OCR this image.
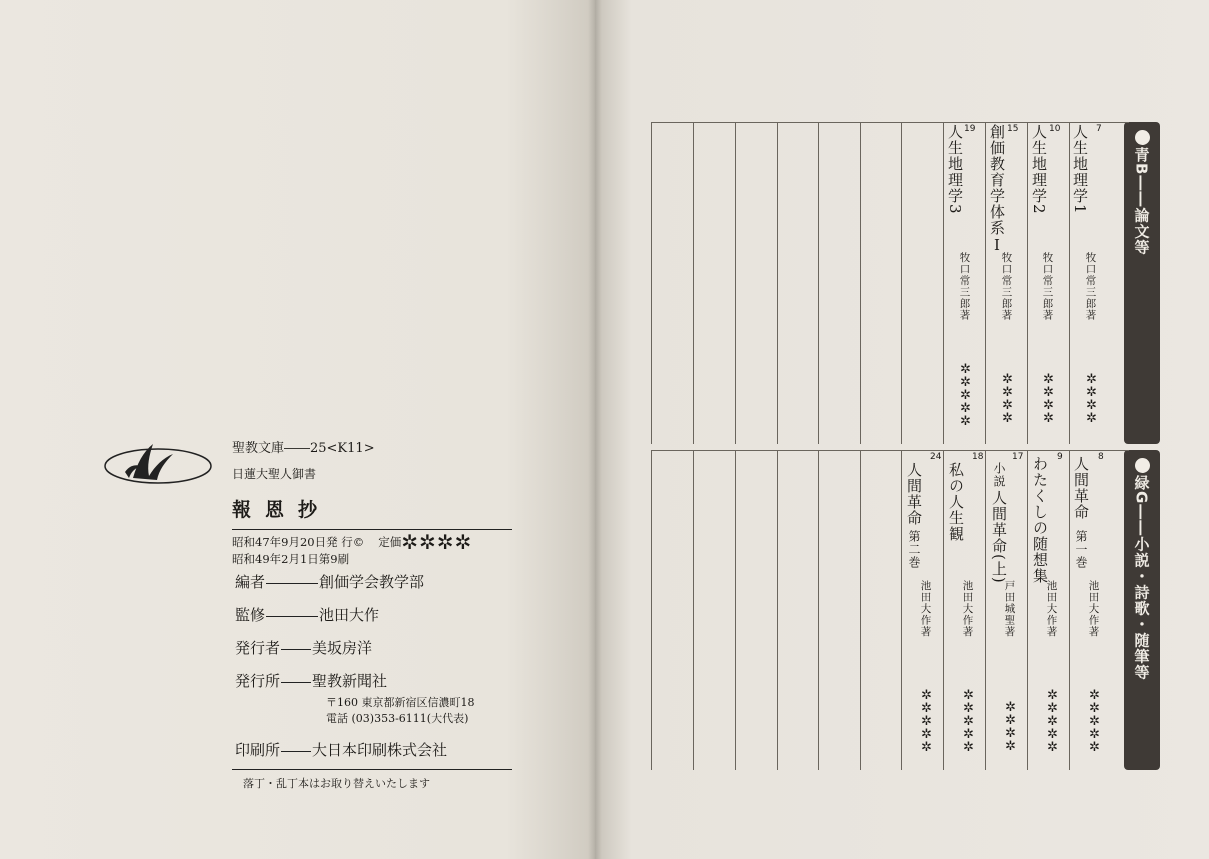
聖教文庫――25<K11>
日蓮大聖人御書
報恩抄
昭和47年9月20日発 行© 定価✲✲✲✲
昭和49年2月1日第9刷
編者	創価学会教学部
監修	池田大作
発行者 美坂房洋
発行所 聖教新聞社
〒160 東京都新宿区信濃町18
電話 (03)353-6111(大代表)
印刷所 大日本印刷株式会社
落丁・乱丁本はお取り替えいたします
青B――論文等
7
人生地理学1
牧口常三郎著
✲✲✲✲
10
人生地理学2
牧口常三郎著
✲✲✲✲
15
創価教育学体系Ⅰ
牧口常三郎著
✲✲✲✲
19
人生地理学3
牧口常三郎著
✲✲✲✲✲
緑G――小説・詩歌・随筆等
8
人間革命
第一巻
池田大作著
✲✲✲✲✲
9
わたくしの随想集
池田大作著
✲✲✲✲✲
17
小説
人間革命(上)
戸田城聖著
✲✲✲✲
18
私の人生観
池田大作著
✲✲✲✲✲
24
人間革命
第二巻
池田大作著
✲✲✲✲✲
